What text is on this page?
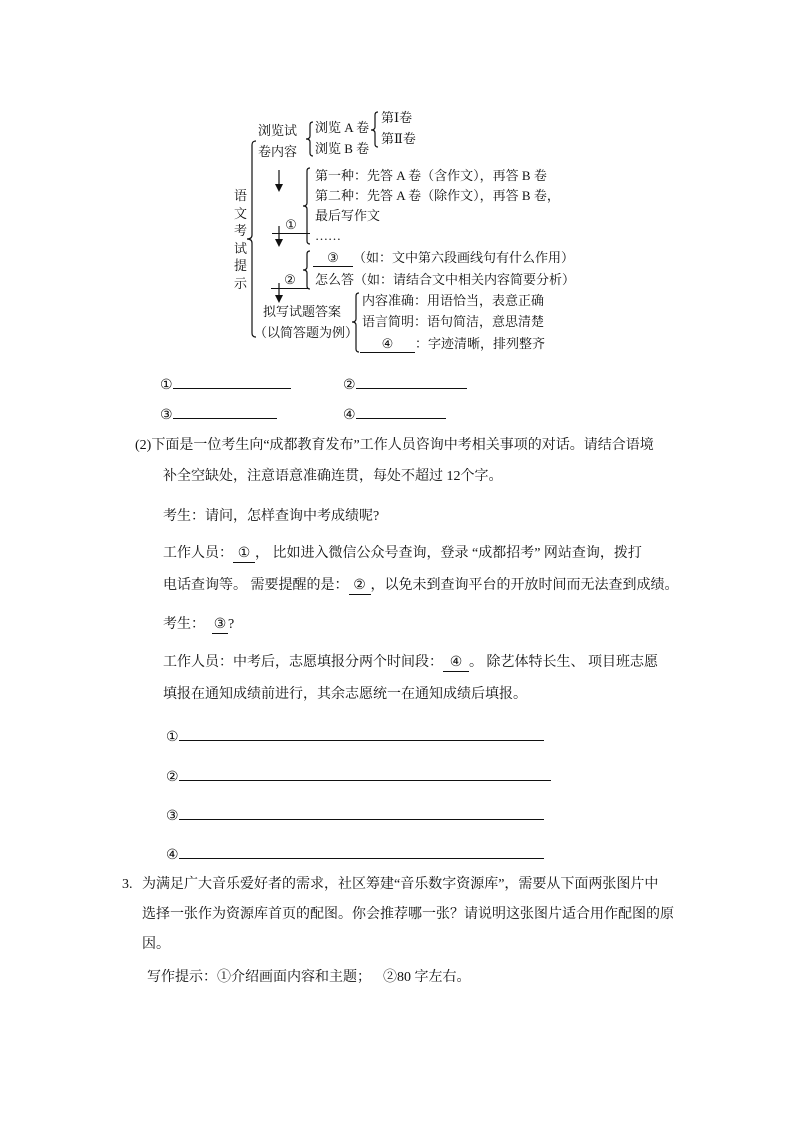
语文考试提示
浏览试
卷内容
浏览 A 卷
浏览 B 卷
第Ⅰ卷
第Ⅱ卷

①

第一种：先答 A 卷（含作文），再答 B 卷
第二种：先答 A 卷（除作文），再答 B 卷，
最后写作文
……

②

③ （如：文中第六段画线句有什么作用）
怎么答（如：请结合文中相关内容简要分析）
拟写试题答案
（以简答题为例）
内容准确：用语恰当，表意正确
语言简明：语句简洁，意思清楚
④ ：字迹清晰，排列整齐
①	②
③	④
(2)下面是一位考生向“成都教育发布”工作人员咨询中考相关事项的对话。请结合语境
补全空缺处，注意语意准确连贯，每处不超过 12个字。
考生：请问，怎样查询中考成绩呢?
工作人员： ① ， 比如进入微信公众号查询，登录 “成都招考” 网站查询，拨打
电话查询等。 需要提醒的是： ② ，以免未到查询平台的开放时间而无法查到成绩。
考生：  ③ ?
工作人员：中考后，志愿填报分两个时间段： ④ 。 除艺体特长生、 项目班志愿
填报在通知成绩前进行，其余志愿统一在通知成绩后填报。
①
②
③
④
3. 为满足广大音乐爱好者的需求，社区筹建“音乐数字资源库”，需要从下面两张图片中
选择一张作为资源库首页的配图。你会推荐哪一张？请说明这张图片适合用作配图的原
因。
写作提示：①介绍画面内容和主题； ②80 字左右。
